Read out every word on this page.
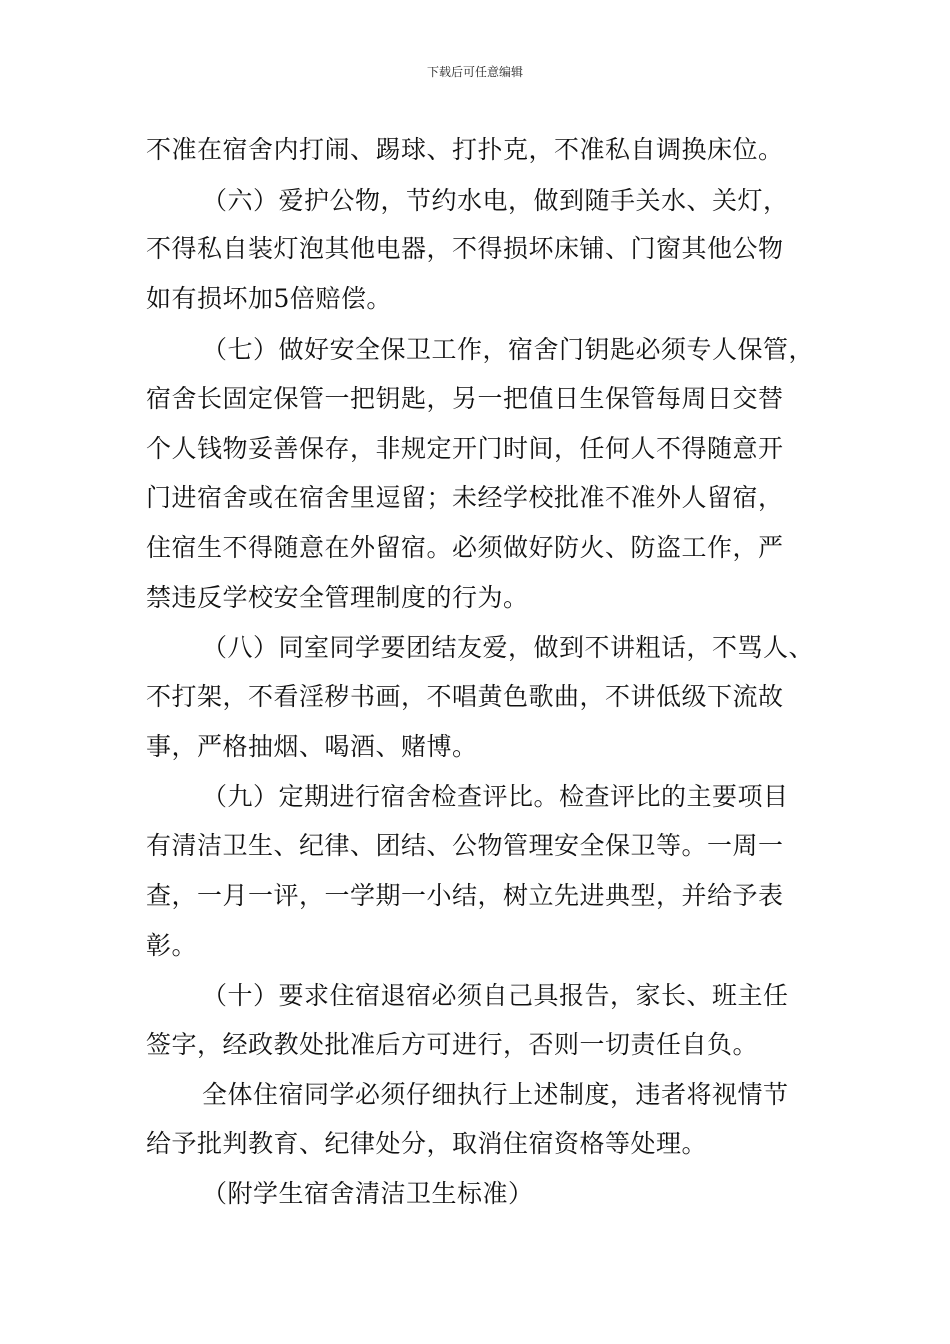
下载后可任意编辑
不准在宿舍内打闹、踢球、打扑克，不准私自调换床位。
（六）爱护公物，节约水电，做到随手关水、关灯，
不得私自装灯泡其他电器，不得损坏床铺、门窗其他公物
如有损坏加5倍赔偿。
（七）做好安全保卫工作，宿舍门钥匙必须专人保管，
宿舍长固定保管一把钥匙，另一把值日生保管每周日交替
个人钱物妥善保存，非规定开门时间，任何人不得随意开
门进宿舍或在宿舍里逗留；未经学校批准不准外人留宿，
住宿生不得随意在外留宿。必须做好防火、防盗工作，严
禁违反学校安全管理制度的行为。
（八）同室同学要团结友爱，做到不讲粗话，不骂人、
不打架，不看淫秽书画，不唱黄色歌曲，不讲低级下流故
事，严格抽烟、喝酒、赌博。
（九）定期进行宿舍检查评比。检查评比的主要项目
有清洁卫生、纪律、团结、公物管理安全保卫等。一周一
查，一月一评，一学期一小结，树立先进典型，并给予表
彰。
（十）要求住宿退宿必须自己具报告，家长、班主任
签字，经政教处批准后方可进行，否则一切责任自负。
全体住宿同学必须仔细执行上述制度，违者将视情节
给予批判教育、纪律处分，取消住宿资格等处理。
（附学生宿舍清洁卫生标准）
